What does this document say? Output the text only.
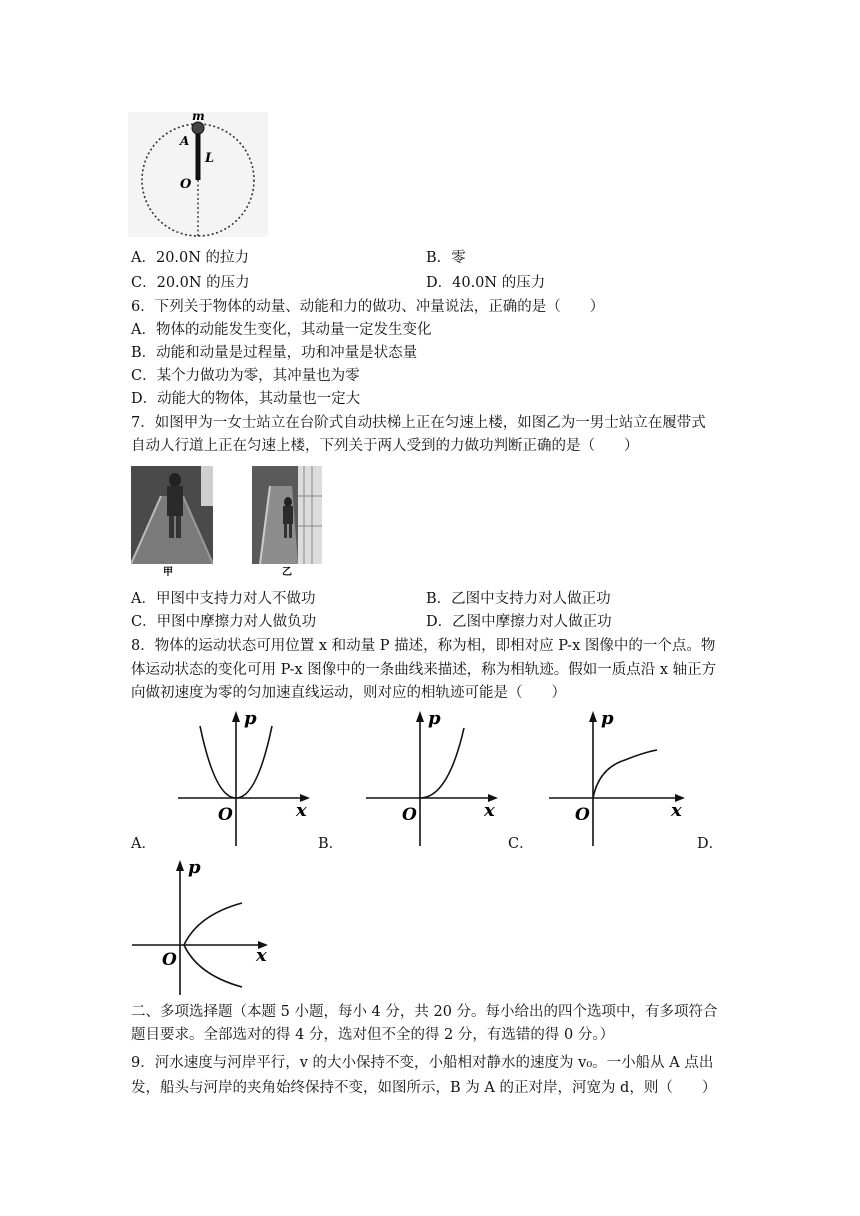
m
A
L
O
A．20.0N 的拉力	B．零
C．20.0N 的压力	D．40.0N 的压力
6．下列关于物体的动量、动能和力的做功、冲量说法，正确的是（　　）
A．物体的动能发生变化，其动量一定发生变化
B．动能和动量是过程量，功和冲量是状态量
C．某个力做功为零，其冲量也为零
D．动能大的物体，其动量也一定大
7．如图甲为一女士站立在台阶式自动扶梯上正在匀速上楼，如图乙为一男士站立在履带式
自动人行道上正在匀速上楼，下列关于两人受到的力做功判断正确的是（　　）
甲	乙
A．甲图中支持力对人不做功	B．乙图中支持力对人做正功
C．甲图中摩擦力对人做负功	D．乙图中摩擦力对人做正功
8．物体的运动状态可用位置 x 和动量 P 描述，称为相，即相对应 P-x 图像中的一个点。物
体运动状态的变化可用 P-x 图像中的一条曲线来描述，称为相轨迹。假如一质点沿 x 轴正方
向做初速度为零的匀加速直线运动，则对应的相轨迹可能是（　　）
p
x
O
p
x
O
p
x
O
A．	B．	C．	D．
p
x
O
二、多项选择题（本题 5 小题，每小 4 分，共 20 分。每小给出的四个选项中，有多项符合
题目要求。全部选对的得 4 分，选对但不全的得 2 分，有选错的得 0 分。）
9．河水速度与河岸平行，v 的大小保持不变，小船相对静水的速度为 v₀。一小船从 A 点出
发，船头与河岸的夹角始终保持不变，如图所示，B 为 A 的正对岸，河宽为 d，则（　　）
